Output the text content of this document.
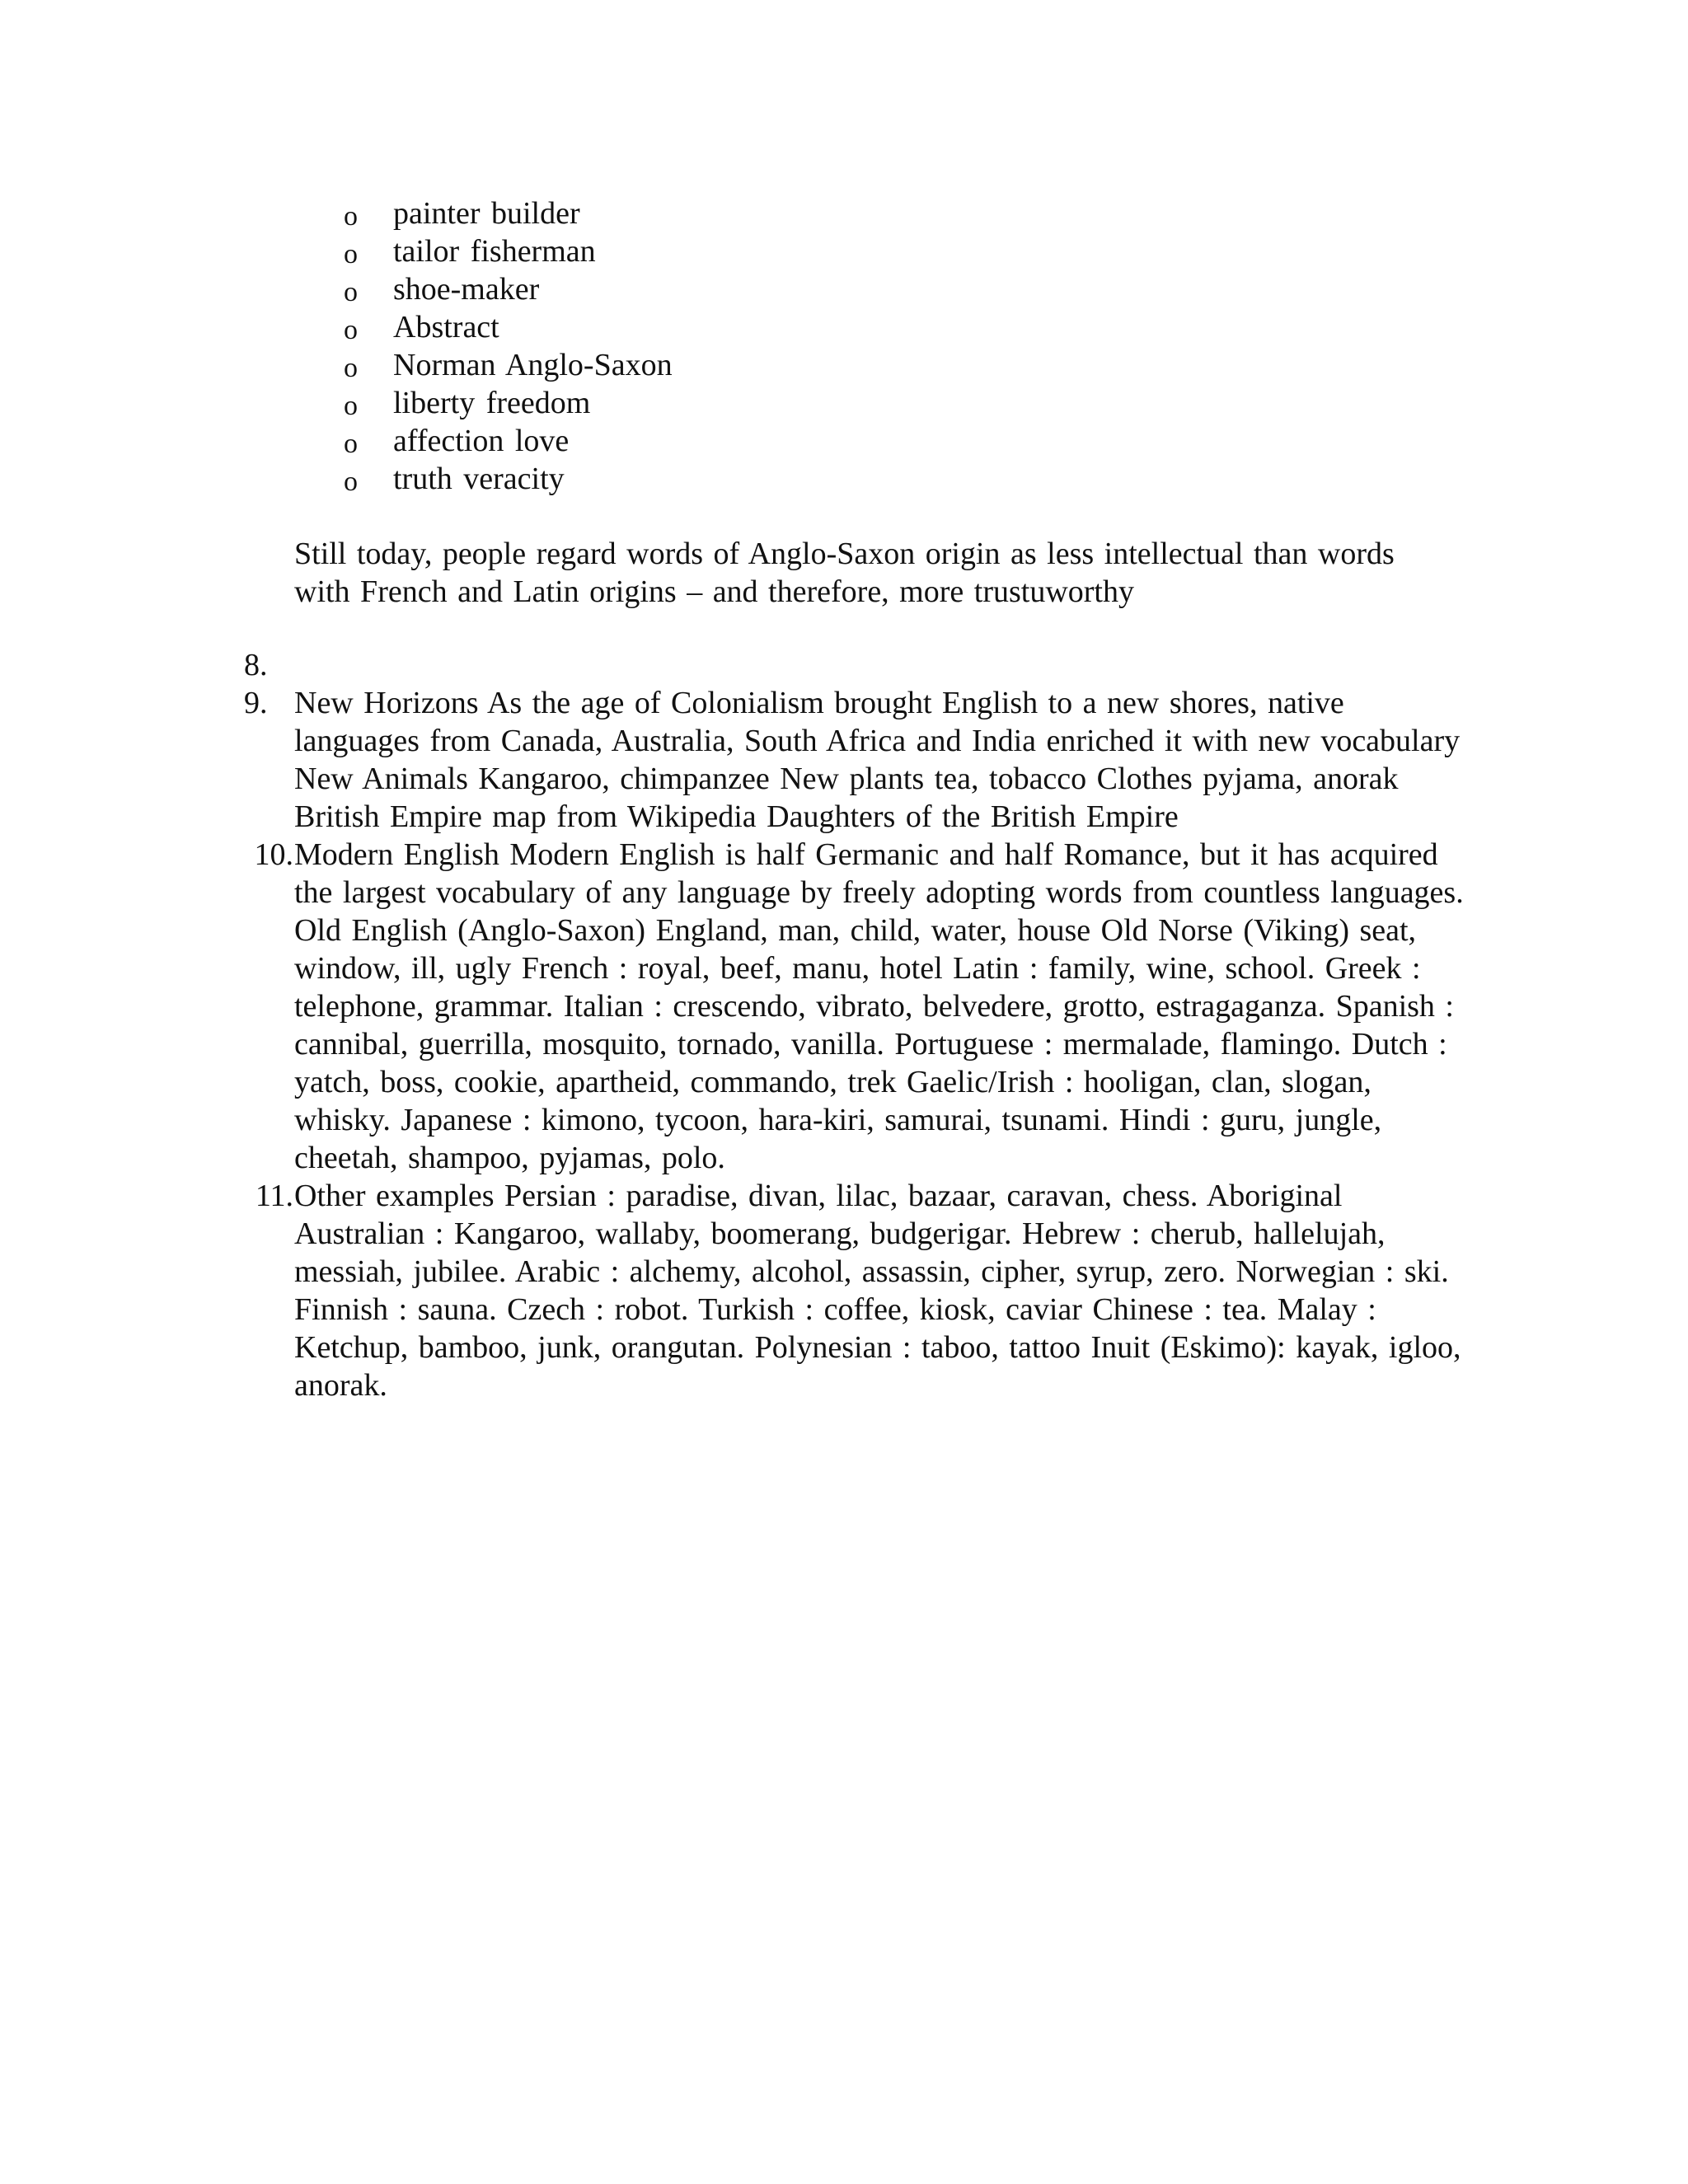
o	painter builder
o	tailor fisherman
o	shoe-maker
o	Abstract
o	Norman Anglo-Saxon
o	liberty freedom
o	affection love
o	truth veracity

Still today, people regard words of Anglo-Saxon origin as less intellectual than words with French and Latin origins – and therefore, more trustuworthy

8.
9. New Horizons As the age of Colonialism brought English to a new shores, native languages from Canada, Australia, South Africa and India enriched it with new vocabulary New Animals Kangaroo, chimpanzee New plants tea, tobacco Clothes pyjama, anorak British Empire map from Wikipedia Daughters of the British Empire
10. Modern English Modern English is half Germanic and half Romance, but it has acquired the largest vocabulary of any language by freely adopting words from countless languages. Old English (Anglo-Saxon) England, man, child, water, house Old Norse (Viking) seat, window, ill, ugly French : royal, beef, manu, hotel Latin : family, wine, school. Greek : telephone, grammar. Italian : crescendo, vibrato, belvedere, grotto, estragaganza. Spanish : cannibal, guerrilla, mosquito, tornado, vanilla. Portuguese : mermalade, flamingo. Dutch : yatch, boss, cookie, apartheid, commando, trek Gaelic/Irish : hooligan, clan, slogan, whisky. Japanese : kimono, tycoon, hara-kiri, samurai, tsunami. Hindi : guru, jungle, cheetah, shampoo, pyjamas, polo.
11. Other examples Persian : paradise, divan, lilac, bazaar, caravan, chess. Aboriginal Australian : Kangaroo, wallaby, boomerang, budgerigar. Hebrew : cherub, hallelujah, messiah, jubilee. Arabic : alchemy, alcohol, assassin, cipher, syrup, zero. Norwegian : ski. Finnish : sauna. Czech : robot. Turkish : coffee, kiosk, caviar Chinese : tea. Malay : Ketchup, bamboo, junk, orangutan. Polynesian : taboo, tattoo Inuit (Eskimo): kayak, igloo, anorak.
